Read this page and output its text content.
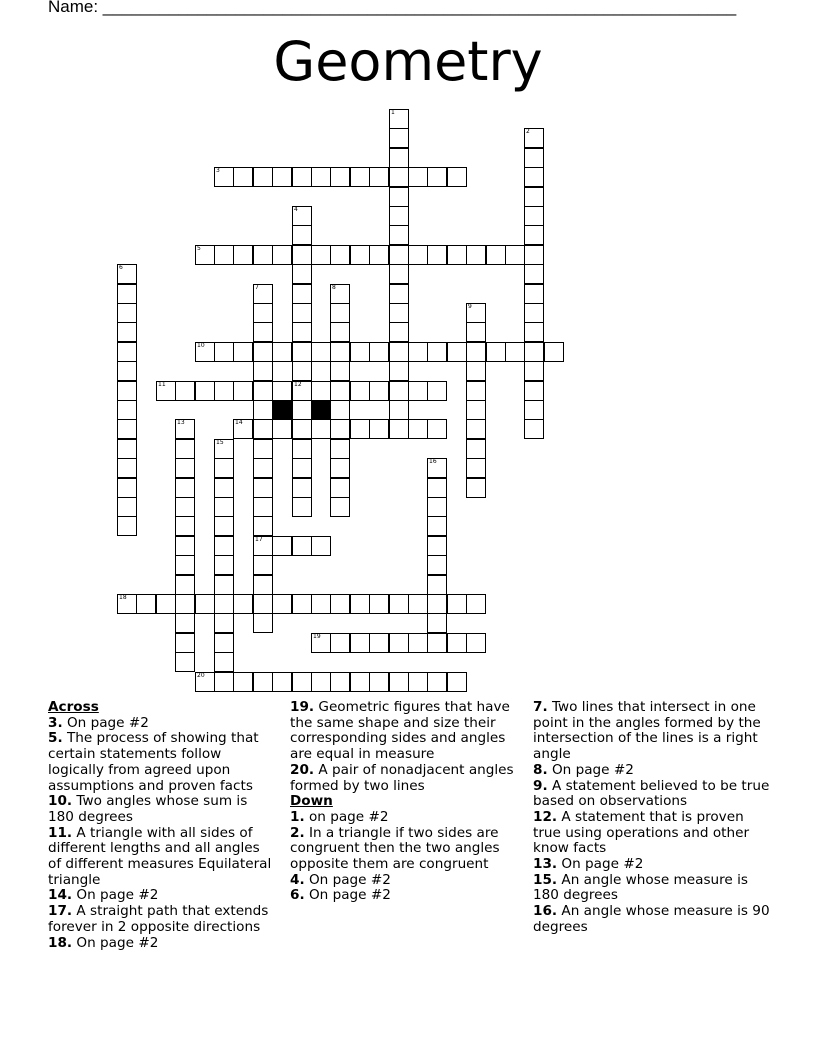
Name: ___________________________________________________________________
Geometry
1
2
3
4
12
5
6
7
17
8
9
10
11
13	14
15
16
18
19
20

Across

3. On page #2

5. The process of showing that certain statements follow logically from agreed upon assumptions and proven facts

10. Two angles whose sum is 180 degrees

11. A triangle with all sides of different lengths and all angles of different measures Equilateral triangle

14. On page #2

17. A straight path that extends forever in 2 opposite directions

18. On page #2

19. Geometric figures that have the same shape and size their corresponding sides and angles are equal in measure

20. A pair of nonadjacent angles formed by two lines

Down

1. on page #2

2. In a triangle if two sides are congruent then the two angles opposite them are congruent

4. On page #2

6. On page #2

7. Two lines that intersect in one point in the angles formed by the intersection of the lines is a right angle

8. On page #2

9. A statement believed to be true based on observations

12. A statement that is proven true using operations and other know facts

13. On page #2

15. An angle whose measure is 180 degrees

16. An angle whose measure is 90 degrees
